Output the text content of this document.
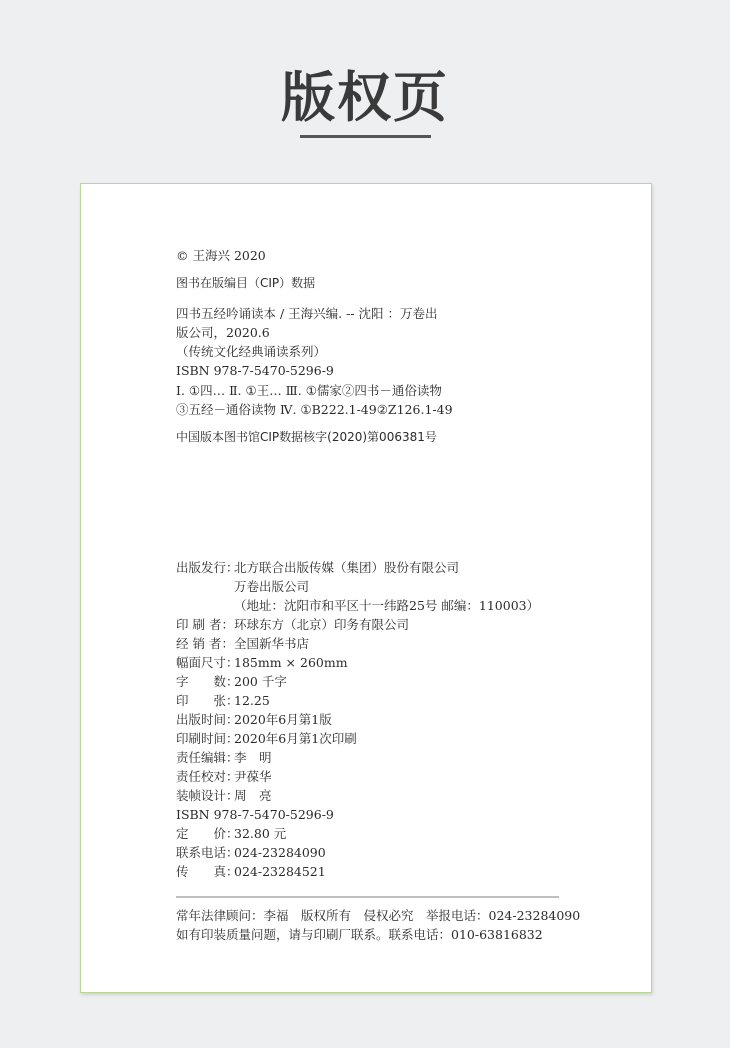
版权页
© 王海兴 2020
图书在版编目（CIP）数据
四书五经吟诵读本 / 王海兴编. -- 沈阳 ：万卷出
版公司，2020.6
（传统文化经典诵读系列）
ISBN 978-7-5470-5296-9
Ⅰ. ①四… Ⅱ. ①王… Ⅲ. ①儒家②四书－通俗读物
③五经－通俗读物 Ⅳ. ①B222.1-49②Z126.1-49
中国版本图书馆CIP数据核字(2020)第006381号
出版发行：
北方联合出版传媒（集团）股份有限公司
万卷出版公司
（地址：沈阳市和平区十一纬路25号 邮编：110003）
印 刷 者： 环球东方（北京）印务有限公司
经 销 者： 全国新华书店
幅面尺寸：
185mm × 260mm
字　　数：
200 千字
印　　张：
12.25
出版时间：
2020年6月第1版
印刷时间：
2020年6月第1次印刷
责任编辑：
李　明
责任校对：
尹葆华
装帧设计：
周　亮
ISBN 978-7-5470-5296-9
定　　价：
32.80 元
联系电话：
024-23284090
传　　真：
024-23284521
常年法律顾问：李福　版权所有　侵权必究　举报电话：024-23284090
如有印装质量问题，请与印刷厂联系。联系电话：010-63816832
